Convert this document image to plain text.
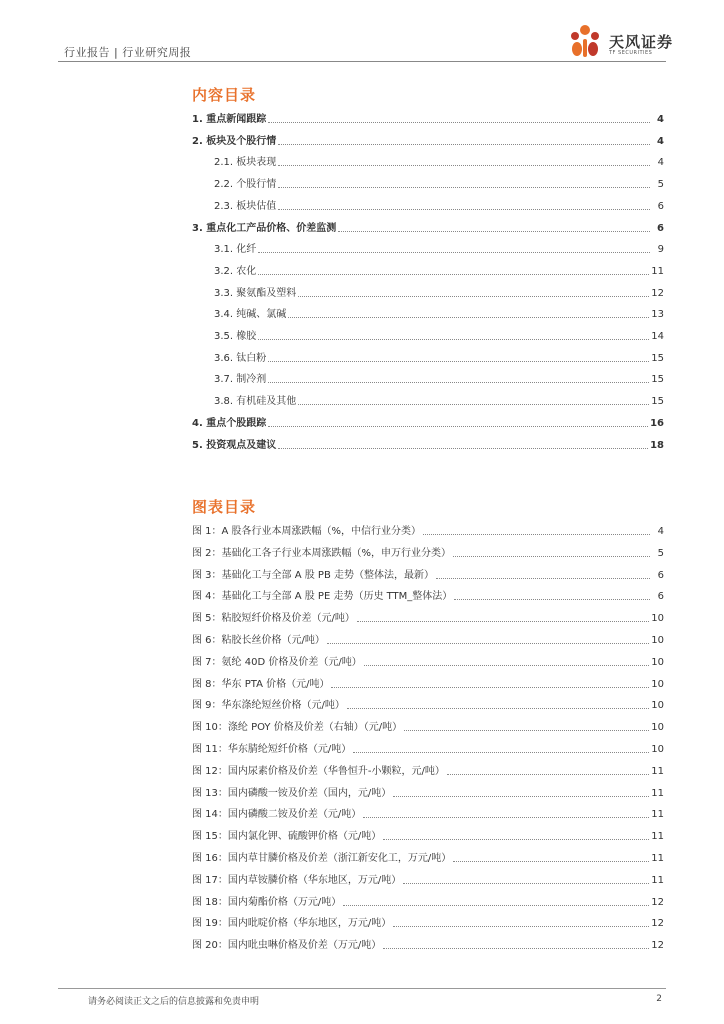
行业报告 | 行业研究周报
天风证券
TF SECURITIES
内容目录
1. 重点新闻跟踪	4
2. 板块及个股行情	4
2.1. 板块表现	4
2.2. 个股行情	5
2.3. 板块估值	6
3. 重点化工产品价格、价差监测	6
3.1. 化纤	9
3.2. 农化	11
3.3. 聚氨酯及塑料	12
3.4. 纯碱、氯碱	13
3.5. 橡胶	14
3.6. 钛白粉	15
3.7. 制冷剂	15
3.8. 有机硅及其他	15
4. 重点个股跟踪	16
5. 投资观点及建议	18
图表目录
图 1：A 股各行业本周涨跌幅（%，中信行业分类）	4
图 2：基础化工各子行业本周涨跌幅（%，申万行业分类）	5
图 3：基础化工与全部 A 股 PB 走势（整体法，最新）	6
图 4：基础化工与全部 A 股 PE 走势（历史 TTM_整体法）	6
图 5：粘胶短纤价格及价差（元/吨）	10
图 6：粘胶长丝价格（元/吨）	10
图 7：氨纶 40D 价格及价差（元/吨）	10
图 8：华东 PTA 价格（元/吨）	10
图 9：华东涤纶短丝价格（元/吨）	10
图 10：涤纶 POY 价格及价差（右轴）（元/吨）	10
图 11：华东腈纶短纤价格（元/吨）	10
图 12：国内尿素价格及价差（华鲁恒升-小颗粒，元/吨）	11
图 13：国内磷酸一铵及价差（国内，元/吨）	11
图 14：国内磷酸二铵及价差（元/吨）	11
图 15：国内氯化钾、硫酸钾价格（元/吨）	11
图 16：国内草甘膦价格及价差（浙江新安化工，万元/吨）	11
图 17：国内草铵膦价格（华东地区，万元/吨）	11
图 18：国内菊酯价格（万元/吨）	12
图 19：国内吡啶价格（华东地区，万元/吨）	12
图 20：国内吡虫啉价格及价差（万元/吨）	12
请务必阅读正文之后的信息披露和免责申明	2
